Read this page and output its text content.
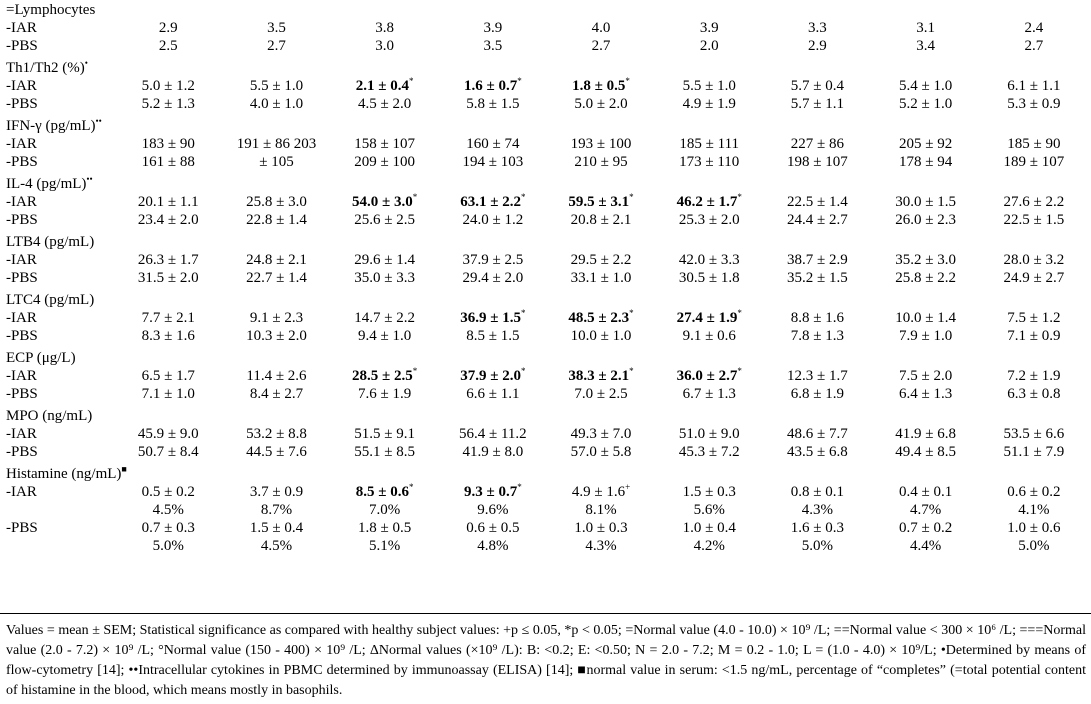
=Lymphocytes									
-IAR	2.9	3.5	3.8	3.9	4.0	3.9	3.3	3.1	2.4
-PBS	2.5	2.7	3.0	3.5	2.7	2.0	2.9	3.4	2.7
Th1/Th2 (%)•
-IAR	5.0 ± 1.2	5.5 ± 1.0	2.1 ± 0.4*	1.6 ± 0.7*	1.8 ± 0.5*	5.5 ± 1.0	5.7 ± 0.4	5.4 ± 1.0	6.1 ± 1.1
-PBS	5.2 ± 1.3	4.0 ± 1.0	4.5 ± 2.0	5.8 ± 1.5	5.0 ± 2.0	4.9 ± 1.9	5.7 ± 1.1	5.2 ± 1.0	5.3 ± 0.9
IFN-γ (pg/mL)••
-IAR	183 ± 90	191 ± 86 203	158 ± 107	160 ± 74	193 ± 100	185 ± 111	227 ± 86	205 ± 92	185 ± 90
-PBS	161 ± 88	± 105	209 ± 100	194 ± 103	210 ± 95	173 ± 110	198 ± 107	178 ± 94	189 ± 107
IL-4 (pg/mL)••
-IAR	20.1 ± 1.1	25.8 ± 3.0	54.0 ± 3.0*	63.1 ± 2.2*	59.5 ± 3.1*	46.2 ± 1.7*	22.5 ± 1.4	30.0 ± 1.5	27.6 ± 2.2
-PBS	23.4 ± 2.0	22.8 ± 1.4	25.6 ± 2.5	24.0 ± 1.2	20.8 ± 2.1	25.3 ± 2.0	24.4 ± 2.7	26.0 ± 2.3	22.5 ± 1.5
LTB4 (pg/mL)									
-IAR	26.3 ± 1.7	24.8 ± 2.1	29.6 ± 1.4	37.9 ± 2.5	29.5 ± 2.2	42.0 ± 3.3	38.7 ± 2.9	35.2 ± 3.0	28.0 ± 3.2
-PBS	31.5 ± 2.0	22.7 ± 1.4	35.0 ± 3.3	29.4 ± 2.0	33.1 ± 1.0	30.5 ± 1.8	35.2 ± 1.5	25.8 ± 2.2	24.9 ± 2.7
LTC4 (pg/mL)									
-IAR	7.7 ± 2.1	9.1 ± 2.3	14.7 ± 2.2	36.9 ± 1.5*	48.5 ± 2.3*	27.4 ± 1.9*	8.8 ± 1.6	10.0 ± 1.4	7.5 ± 1.2
-PBS	8.3 ± 1.6	10.3 ± 2.0	9.4 ± 1.0	8.5 ± 1.5	10.0 ± 1.0	9.1 ± 0.6	7.8 ± 1.3	7.9 ± 1.0	7.1 ± 0.9
ECP (μg/L)									
-IAR	6.5 ± 1.7	11.4 ± 2.6	28.5 ± 2.5*	37.9 ± 2.0*	38.3 ± 2.1*	36.0 ± 2.7*	12.3 ± 1.7	7.5 ± 2.0	7.2 ± 1.9
-PBS	7.1 ± 1.0	8.4 ± 2.7	7.6 ± 1.9	6.6 ± 1.1	7.0 ± 2.5	6.7 ± 1.3	6.8 ± 1.9	6.4 ± 1.3	6.3 ± 0.8
MPO (ng/mL)									
-IAR	45.9 ± 9.0	53.2 ± 8.8	51.5 ± 9.1	56.4 ± 11.2	49.3 ± 7.0	51.0 ± 9.0	48.6 ± 7.7	41.9 ± 6.8	53.5 ± 6.6
-PBS	50.7 ± 8.4	44.5 ± 7.6	55.1 ± 8.5	41.9 ± 8.0	57.0 ± 5.8	45.3 ± 7.2	43.5 ± 6.8	49.4 ± 8.5	51.1 ± 7.9
Histamine (ng/mL)■
-IAR	0.5 ± 0.2	3.7 ± 0.9	8.5 ± 0.6*	9.3 ± 0.7*	4.9 ± 1.6+	1.5 ± 0.3	0.8 ± 0.1	0.4 ± 0.1	0.6 ± 0.2
	4.5%	8.7%	7.0%	9.6%	8.1%	5.6%	4.3%	4.7%	4.1%
-PBS	0.7 ± 0.3	1.5 ± 0.4	1.8 ± 0.5	0.6 ± 0.5	1.0 ± 0.3	1.0 ± 0.4	1.6 ± 0.3	0.7 ± 0.2	1.0 ± 0.6
	5.0%	4.5%	5.1%	4.8%	4.3%	4.2%	5.0%	4.4%	5.0%
Values = mean ± SEM; Statistical significance as compared with healthy subject values: +p ≤ 0.05, *p < 0.05; =Normal value (4.0 - 10.0) × 10⁹ /L; ==Normal value < 300 × 10⁶ /L; ===Normal value (2.0 - 7.2) × 10⁹ /L; °Normal value (150 - 400) × 10⁹ /L; ΔNormal values (×10⁹ /L): B: <0.2; E: <0.50; N = 2.0 - 7.2; M = 0.2 - 1.0; L = (1.0 - 4.0) × 10⁹/L; •Determined by means of flow-cytometry [14]; ••Intracellular cytokines in PBMC determined by immunoassay (ELISA) [14]; ■normal value in serum: <1.5 ng/mL, percentage of “completes” (=total potential content of histamine in the blood, which means mostly in basophils.
